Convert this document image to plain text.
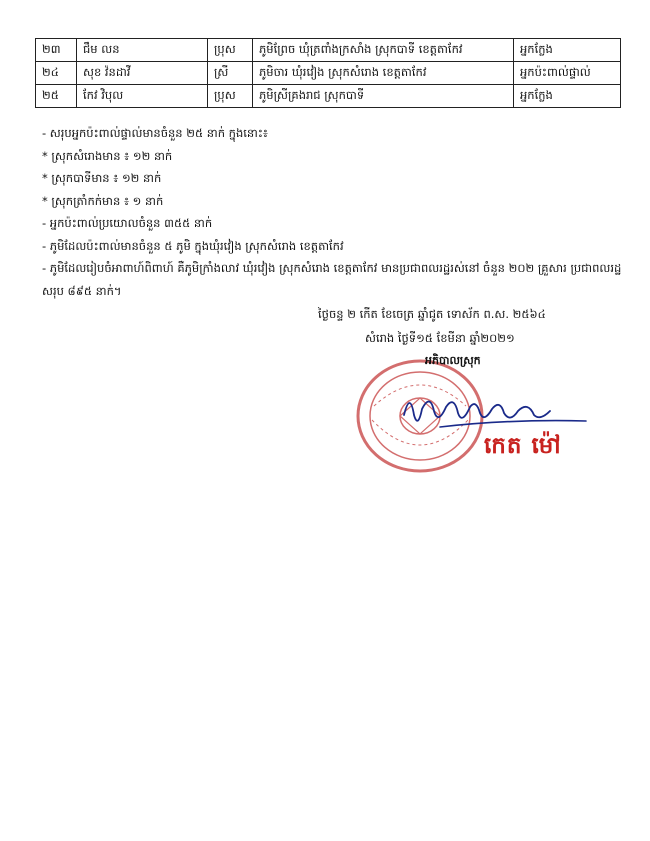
២៣	ជឹម លន	ប្រុស	ភូមិព្រែច ឃុំត្រពាំងក្រសាំង ស្រុកបាទី ខេត្តតាកែវ	អ្នកក្លែង
២៤	សុខ វ៉នដាវី	ស្រី	ភូមិចារ ឃុំរវៀង ស្រុកសំរោង ខេត្តតាកែវ	អ្នកប៉ះពាល់ផ្ទាល់
២៥	កែវ វិបុល	ប្រុស	ភូមិស្រីគ្រងរាជ ស្រុកបាទី	អ្នកក្លែង
- សរុបអ្នកប៉ះពាល់ផ្ទាល់មានចំនួន ២៥ នាក់ ក្នុងនោះ៖
* ស្រុកសំរោងមាន ៖ ១២ នាក់
* ស្រុកបាទីមាន ៖ ១២ នាក់
* ស្រុកត្រាំកក់មាន ៖ ១ នាក់
- អ្នកប៉ះពាល់ប្រយោលចំនួន ៣៥៥ នាក់
- ភូមិដែលប៉ះពាល់មានចំនួន ៥ ភូមិ ក្នុងឃុំរវៀង ស្រុកសំរោង ខេត្តតាកែវ
- ភូមិដែលរៀបចំអាពាហ៍ពិពាហ៍ គឺភូមិក្រាំងលាវ ឃុំរវៀង ស្រុកសំរោង ខេត្តតាកែវ មានប្រជាពលរដ្ឋរស់នៅ ចំនួន ២០២ គ្រួសារ ប្រជាពលរដ្ឋសរុប ៨៩៥ នាក់។
ថ្ងៃចន្ទ ២ កើត ខែចេត្រ ឆ្នាំជូត ទោស័ក ព.ស. ២៥៦៤
សំរោង ថ្ងៃទី១៥ ខែមីនា ឆ្នាំ២០២១
អភិបាលស្រុក
កេត ម៉ៅ
